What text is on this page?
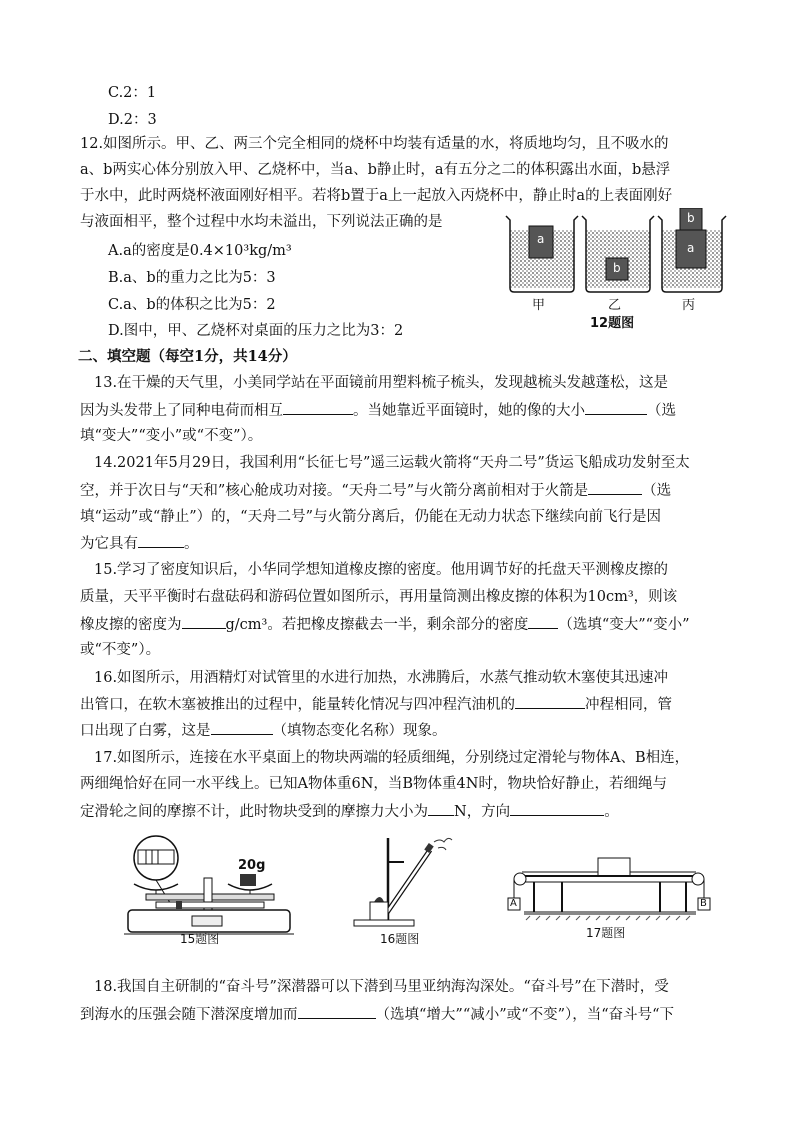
C.2：1
D.2：3
12.如图所示。甲、乙、两三个完全相同的烧杯中均装有适量的水，将质地均匀，且不吸水的
a、b两实心体分别放入甲、乙烧杯中，当a、b静止时，a有五分之二的体积露出水面，b悬浮
于水中，此时两烧杯液面刚好相平。若将b置于a上一起放入丙烧杯中，静止时a的上表面刚好
与液面相平，整个过程中水均未溢出，下列说法正确的是
A.a的密度是0.4×10³kg/m³
B.a、b的重力之比为5：3
C.a、b的体积之比为5：2
D.图中，甲、乙烧杯对桌面的压力之比为3：2
a
b
b
a
甲	乙	丙
12题图
二、填空题（每空1分，共14分）
13.在干燥的天气里，小美同学站在平面镜前用塑料梳子梳头，发现越梳头发越蓬松，这是
因为头发带上了同种电荷而相互	。当她靠近平面镜时，她的像的大小	（选
填“变大”“变小”或“不变”）。
14.2021年5月29日，我国利用“长征七号”遥三运载火箭将“天舟二号”货运飞船成功发射至太
空，并于次日与“天和”核心舱成功对接。“天舟二号”与火箭分离前相对于火箭是	（选
填“运动”或“静止”）的，“天舟二号”与火箭分离后，仍能在无动力状态下继续向前飞行是因
为它具有	。
15.学习了密度知识后，小华同学想知道橡皮擦的密度。他用调节好的托盘天平测橡皮擦的
质量，天平平衡时右盘砝码和游码位置如图所示，再用量筒测出橡皮擦的体积为10cm³，则该
橡皮擦的密度为	g/cm³。若把橡皮擦截去一半，剩余部分的密度 （选填“变大”“变小”
或“不变”）。
16.如图所示，用酒精灯对试管里的水进行加热，水沸腾后，水蒸气推动软木塞使其迅速冲
出管口，在软木塞被推出的过程中，能量转化情况与四冲程汽油机的	冲程相同，管
口出现了白雾，这是	（填物态变化名称）现象。
17.如图所示，连接在水平桌面上的物块两端的轻质细绳，分别绕过定滑轮与物体A、B相连，
两细绳恰好在同一水平线上。已知A物体重6N，当B物体重4N时，物块恰好静止，若细绳与
定滑轮之间的摩擦不计，此时物块受到的摩擦力大小为 N，方向	。
20g
15题图	16题图
A	B
17题图
18.我国自主研制的“奋斗号”深潜器可以下潜到马里亚纳海沟深处。“奋斗号”在下潜时，受
到海水的压强会随下潜深度增加而	（选填“增大”“减小”或“不变”），当“奋斗号“下
